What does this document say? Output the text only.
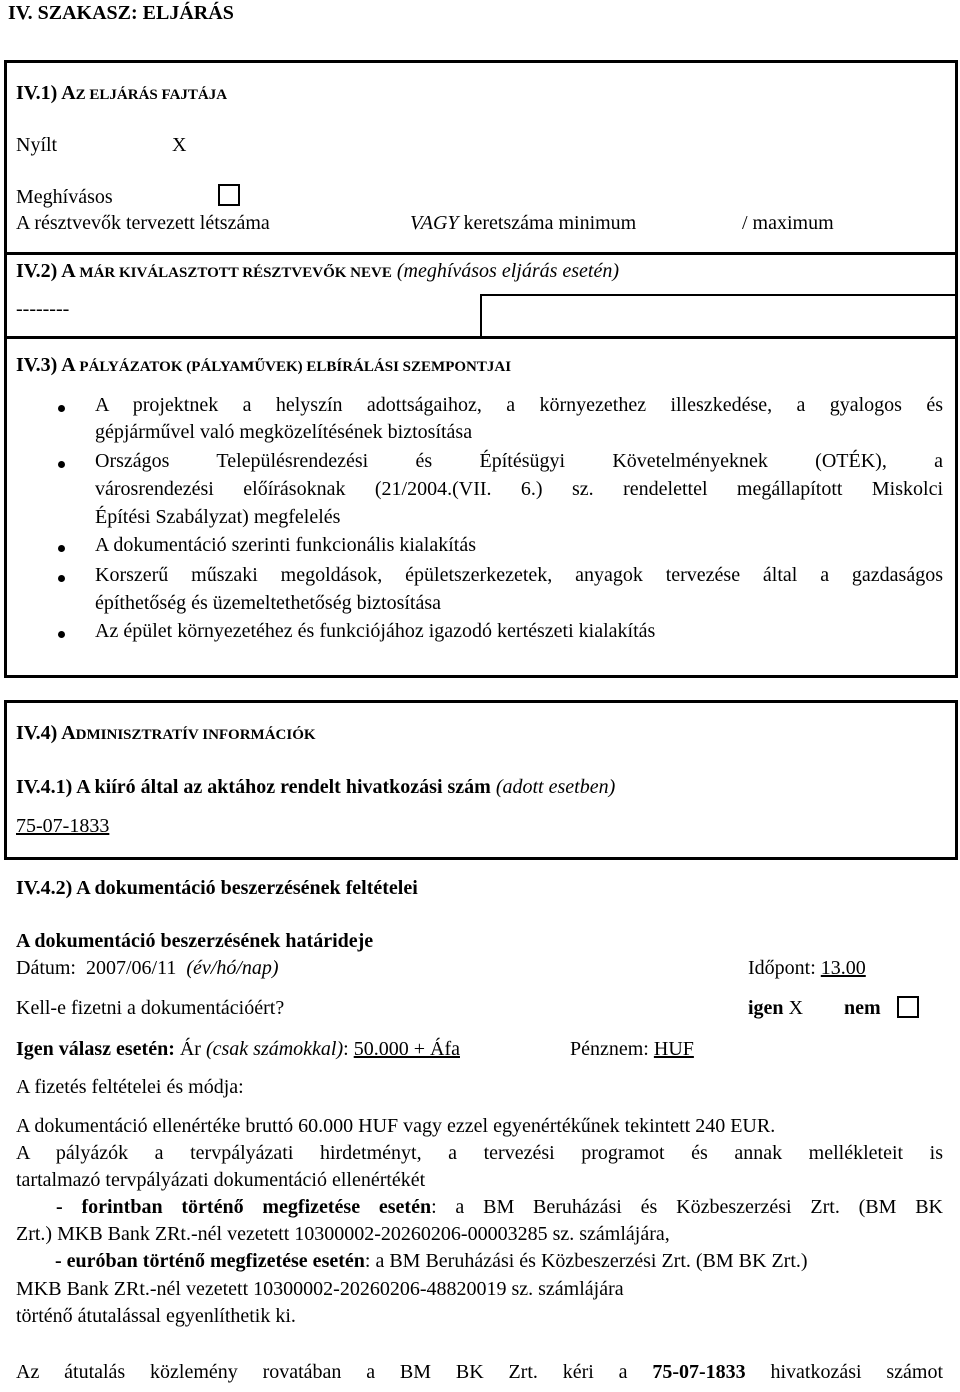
IV. SZAKASZ: ELJÁRÁS
IV.1) AZ ELJÁRÁS FAJTÁJA
Nyílt	X
Meghívásos
A résztvevők tervezett létszáma	VAGY keretszáma minimum	/ maximum
IV.2) A MÁR KIVÁLASZTOTT RÉSZTVEVŐK NEVE (meghívásos eljárás esetén)
--------
IV.3) A PÁLYÁZATOK (PÁLYAMŰVEK) ELBÍRÁLÁSI SZEMPONTJAI
A projektnek a helyszín adottságaihoz, a környezethez illeszkedése, a gyalogos és
gépjárművel való megközelítésének biztosítása
Országos Településrendezési és Építésügyi Követelményeknek (OTÉK), a
városrendezési előírásoknak (21/2004.(VII. 6.) sz. rendelettel megállapított Miskolci
Építési Szabályzat) megfelelés
A dokumentáció szerinti funkcionális kialakítás
Korszerű műszaki megoldások, épületszerkezetek, anyagok tervezése által a gazdaságos
építhetőség és üzemeltethetőség biztosítása
Az épület környezetéhez és funkciójához igazodó kertészeti kialakítás
IV.4) ADMINISZTRATÍV INFORMÁCIÓK
IV.4.1) A kiíró által az aktához rendelt hivatkozási szám (adott esetben)
75-07-1833
IV.4.2) A dokumentáció beszerzésének feltételei
A dokumentáció beszerzésének határideje
Dátum: 2007/06/11 (év/hó/nap)	Időpont: 13.00
Kell-e fizetni a dokumentációért?	igen X nem
Igen válasz esetén: Ár (csak számokkal): 50.000 + Áfa	Pénznem: HUF
A fizetés feltételei és módja:
A dokumentáció ellenértéke bruttó 60.000 HUF vagy ezzel egyenértékűnek tekintett 240 EUR.
A pályázók a tervpályázati hirdetményt, a tervezési programot és annak mellékleteit is
tartalmazó tervpályázati dokumentáció ellenértékét
- forintban történő megfizetése esetén: a BM Beruházási és Közbeszerzési Zrt. (BM BK
Zrt.) MKB Bank ZRt.-nél vezetett 10300002-20260206-00003285 sz. számlájára,
- euróban történő megfizetése esetén: a BM Beruházási és Közbeszerzési Zrt. (BM BK Zrt.)
MKB Bank ZRt.-nél vezetett 10300002-20260206-48820019 sz. számlájára
történő átutalással egyenlíthetik ki.
Az átutalás közlemény rovatában a BM BK Zrt. kéri a 75-07-1833 hivatkozási számot
